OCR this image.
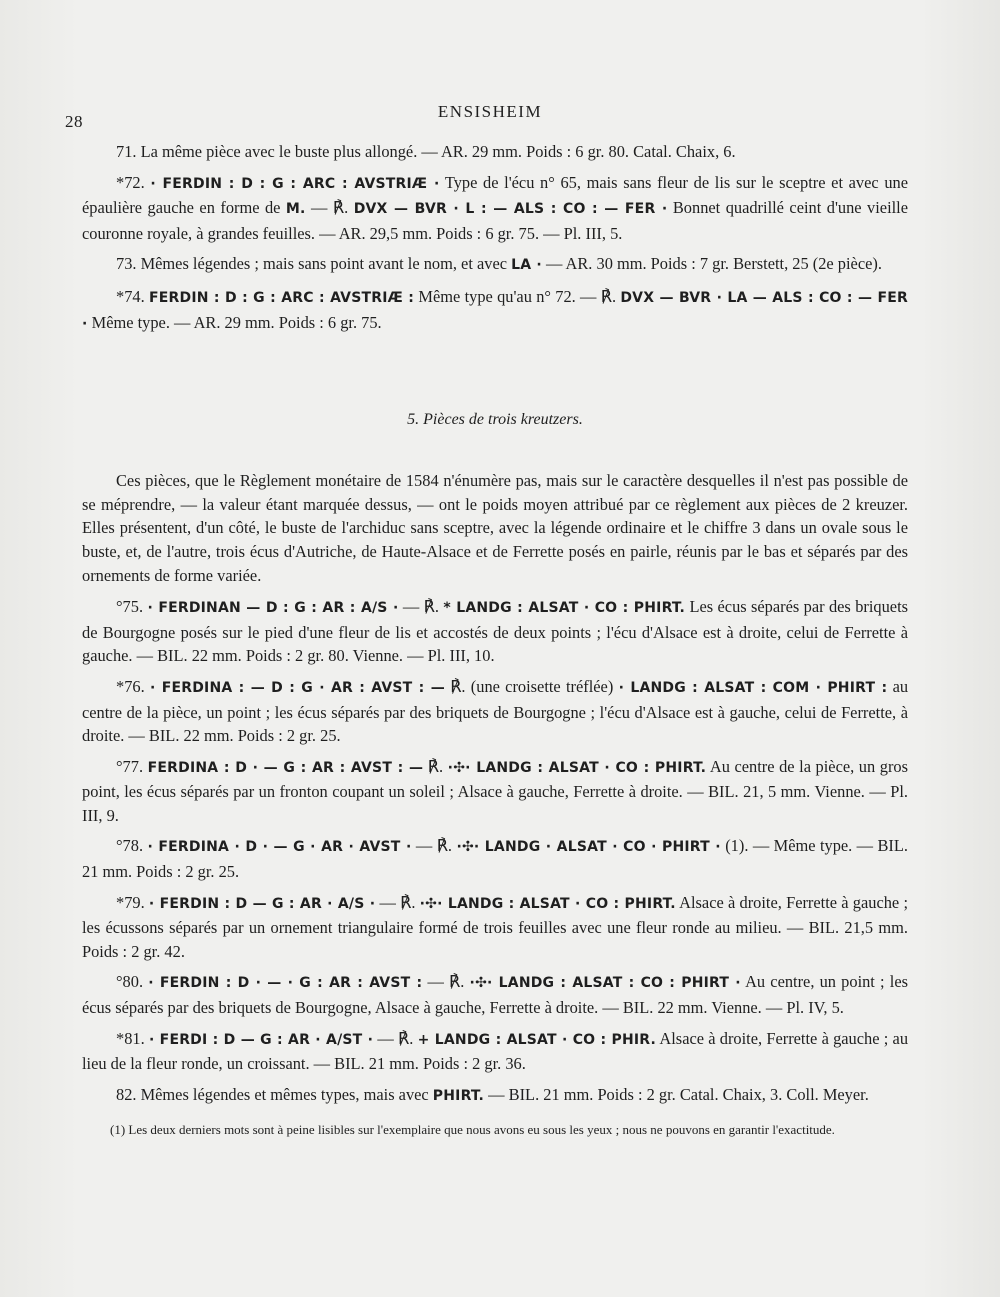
28
ENSISHEIM

71. La même pièce avec le buste plus allongé. — AR. 29 mm. Poids : 6 gr. 80. Catal. Chaix, 6.

*72. · FERDIN : D : G : ARC : AVSTRIÆ · Type de l'écu n° 65, mais sans fleur de lis sur le sceptre et avec une épaulière gauche en forme de M. — ℟. DVX — BVR · L : — ALS : CO : — FER · Bonnet quadrillé ceint d'une vieille couronne royale, à grandes feuilles. — AR. 29,5 mm. Poids : 6 gr. 75. — Pl. III, 5.

73. Mêmes légendes ; mais sans point avant le nom, et avec LA · — AR. 30 mm. Poids : 7 gr. Berstett, 25 (2e pièce).

*74. FERDIN : D : G : ARC : AVSTRIÆ : Même type qu'au n° 72. — ℟. DVX — BVR · LA — ALS : CO : — FER · Même type. — AR. 29 mm. Poids : 6 gr. 75.

5. Pièces de trois kreutzers.

Ces pièces, que le Règlement monétaire de 1584 n'énumère pas, mais sur le caractère desquelles il n'est pas possible de se méprendre, — la valeur étant marquée dessus, — ont le poids moyen attribué par ce règlement aux pièces de 2 kreuzer. Elles présentent, d'un côté, le buste de l'archiduc sans sceptre, avec la légende ordinaire et le chiffre 3 dans un ovale sous le buste, et, de l'autre, trois écus d'Autriche, de Haute-Alsace et de Ferrette posés en pairle, réunis par le bas et séparés par des ornements de forme variée.

°75. · FERDINAN — D : G : AR : A/S · — ℟. * LANDG : ALSAT · CO : PHIRT. Les écus séparés par des briquets de Bourgogne posés sur le pied d'une fleur de lis et accostés de deux points ; l'écu d'Alsace est à droite, celui de Ferrette à gauche. — BIL. 22 mm. Poids : 2 gr. 80. Vienne. — Pl. III, 10.

*76. · FERDINA : — D : G · AR : AVST : — ℟. (une croisette tréflée) · LANDG : ALSAT : COM · PHIRT : au centre de la pièce, un point ; les écus séparés par des briquets de Bourgogne ; l'écu d'Alsace est à gauche, celui de Ferrette, à droite. — BIL. 22 mm. Poids : 2 gr. 25.

°77. FERDINA : D · — G : AR : AVST : — ℟. ·✣· LANDG : ALSAT · CO : PHIRT. Au centre de la pièce, un gros point, les écus séparés par un fronton coupant un soleil ; Alsace à gauche, Ferrette à droite. — BIL. 21, 5 mm. Vienne. — Pl. III, 9.

°78. · FERDINA · D · — G · AR · AVST · — ℟. ·✣· LANDG · ALSAT · CO · PHIRT · (1). — Même type. — BIL. 21 mm. Poids : 2 gr. 25.

*79. · FERDIN : D — G : AR · A/S · — ℟. ·✣· LANDG : ALSAT · CO : PHIRT. Alsace à droite, Ferrette à gauche ; les écussons séparés par un ornement triangulaire formé de trois feuilles avec une fleur ronde au milieu. — BIL. 21,5 mm. Poids : 2 gr. 42.

°80. · FERDIN : D · — · G : AR : AVST : — ℟. ·✣· LANDG : ALSAT : CO : PHIRT · Au centre, un point ; les écus séparés par des briquets de Bourgogne, Alsace à gauche, Ferrette à droite. — BIL. 22 mm. Vienne. — Pl. IV, 5.

*81. · FERDI : D — G : AR · A/ST · — ℟. + LANDG : ALSAT · CO : PHIR. Alsace à droite, Ferrette à gauche ; au lieu de la fleur ronde, un croissant. — BIL. 21 mm. Poids : 2 gr. 36.

82. Mêmes légendes et mêmes types, mais avec PHIRT. — BIL. 21 mm. Poids : 2 gr. Catal. Chaix, 3. Coll. Meyer.

(1) Les deux derniers mots sont à peine lisibles sur l'exemplaire que nous avons eu sous les yeux ; nous ne pouvons en garantir l'exactitude.
